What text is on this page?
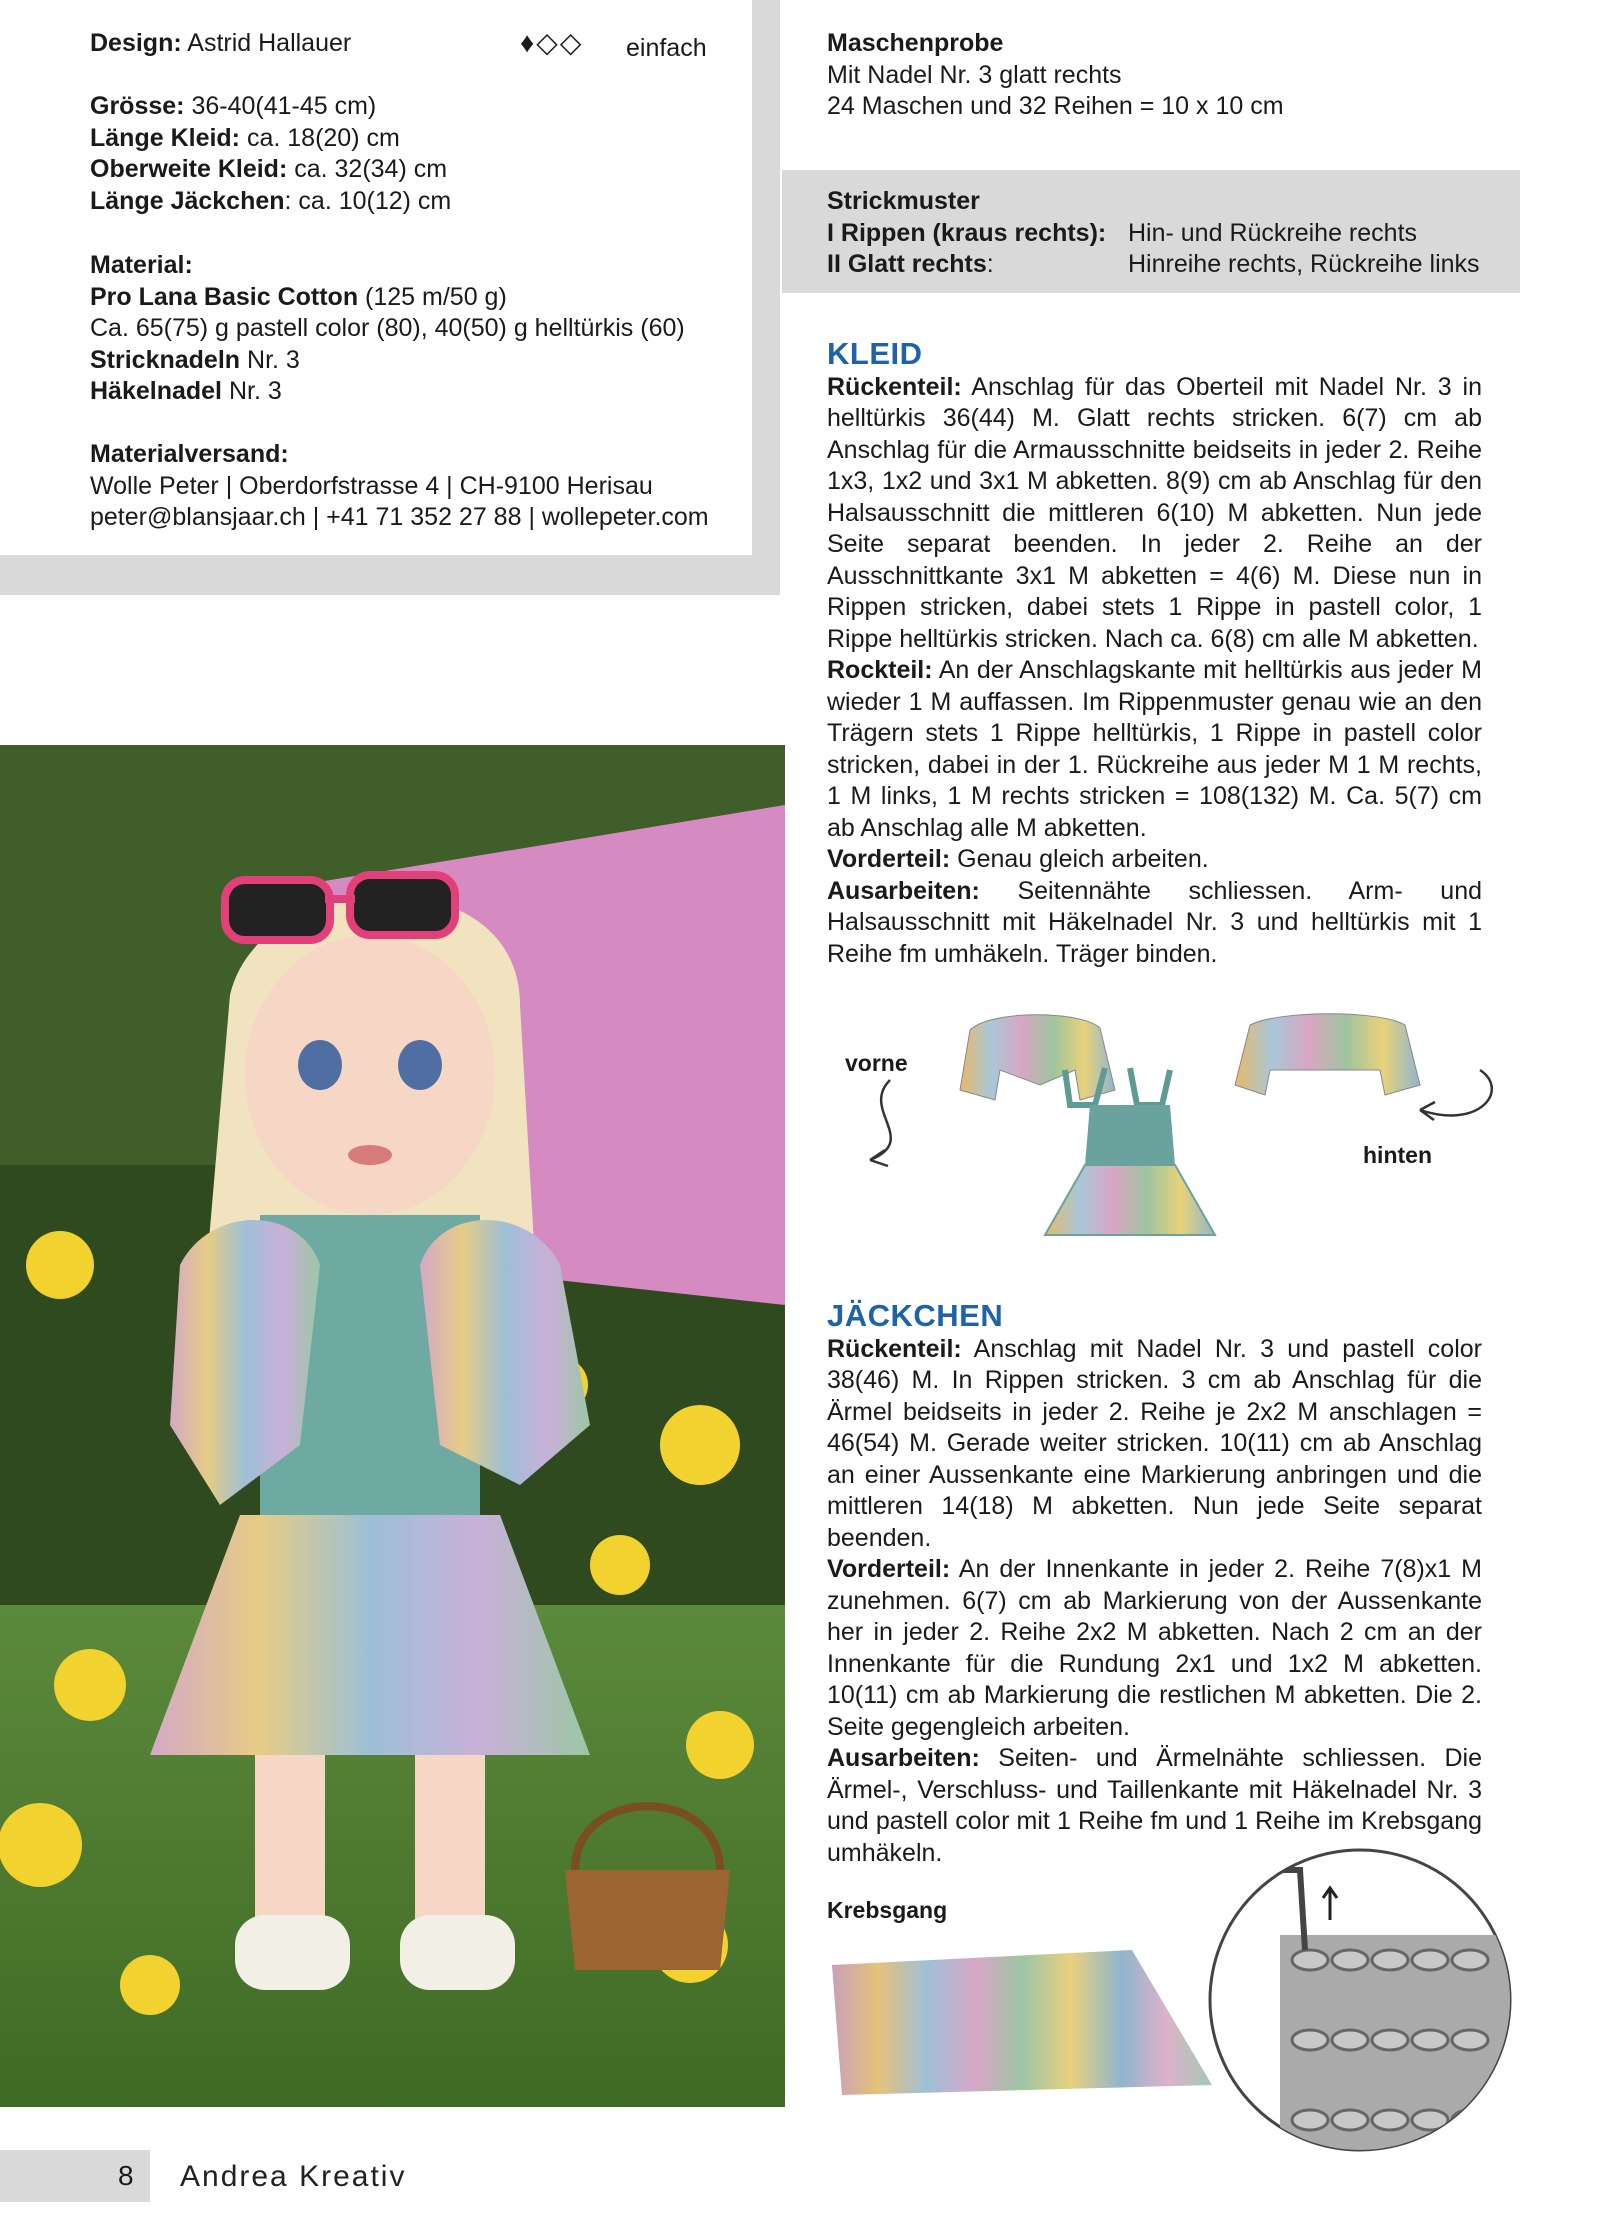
Design: Astrid Hallauer	♦◇◇ einfach
Grösse: 36-40(41-45 cm)
Länge Kleid: ca. 18(20) cm
Oberweite Kleid: ca. 32(34) cm
Länge Jäckchen: ca. 10(12) cm
Material:
Pro Lana Basic Cotton (125 m/50 g)
Ca. 65(75) g pastell color (80), 40(50) g helltürkis (60)
Stricknadeln Nr. 3
Häkelnadel Nr. 3
Materialversand:
Wolle Peter | Oberdorfstrasse 4 | CH-9100 Herisau
peter@blansjaar.ch | +41 71 352 27 88 | wollepeter.com
Maschenprobe
Mit Nadel Nr. 3 glatt rechts
24 Maschen und 32 Reihen = 10 x 10 cm
Strickmuster
I Rippen (kraus rechts): Hin- und Rückreihe rechts
II Glatt rechts:	Hinreihe rechts, Rückreihe links
KLEID
Rückenteil: Anschlag für das Oberteil mit Nadel Nr. 3 in helltürkis 36(44) M. Glatt rechts stricken. 6(7) cm ab Anschlag für die Armausschnitte beidseits in jeder 2. Reihe 1x3, 1x2 und 3x1 M abketten. 8(9) cm ab Anschlag für den Halsausschnitt die mittleren 6(10) M abketten. Nun jede Seite separat beenden. In jeder 2. Reihe an der Ausschnittkante 3x1 M abketten = 4(6) M. Diese nun in Rippen stricken, dabei stets 1 Rippe in pastell color, 1 Rippe helltürkis stricken. Nach ca. 6(8) cm alle M abketten.
Rockteil: An der Anschlagskante mit helltürkis aus jeder M wieder 1 M auffassen. Im Rippenmuster genau wie an den Trägern stets 1 Rippe helltürkis, 1 Rippe in pastell color stricken, dabei in der 1. Rückreihe aus jeder M 1 M rechts, 1 M links, 1 M rechts stricken = 108(132) M. Ca. 5(7) cm ab Anschlag alle M abketten.
Vorderteil: Genau gleich arbeiten.
Ausarbeiten: Seitennähte schliessen. Arm- und Halsausschnitt mit Häkelnadel Nr. 3 und helltürkis mit 1 Reihe fm umhäkeln. Träger binden.
vorne
hinten
JÄCKCHEN
Rückenteil: Anschlag mit Nadel Nr. 3 und pastell color 38(46) M. In Rippen stricken. 3 cm ab Anschlag für die Ärmel beidseits in jeder 2. Reihe je 2x2 M anschlagen = 46(54) M. Gerade weiter stricken. 10(11) cm ab Anschlag an einer Aussenkante eine Markierung anbringen und die mittleren 14(18) M abketten. Nun jede Seite separat beenden.
Vorderteil: An der Innenkante in jeder 2. Reihe 7(8)x1 M zunehmen. 6(7) cm ab Markierung von der Aussenkante her in jeder 2. Reihe 2x2 M abketten. Nach 2 cm an der Innenkante für die Rundung 2x1 und 1x2 M abketten. 10(11) cm ab Markierung die restlichen M abketten. Die 2. Seite gegengleich arbeiten.
Ausarbeiten: Seiten- und Ärmelnähte schliessen. Die Ärmel-, Verschluss- und Taillenkante mit Häkelnadel Nr. 3 und pastell color mit 1 Reihe fm und 1 Reihe im Krebsgang umhäkeln.
Krebsgang
8 Andrea Kreativ
